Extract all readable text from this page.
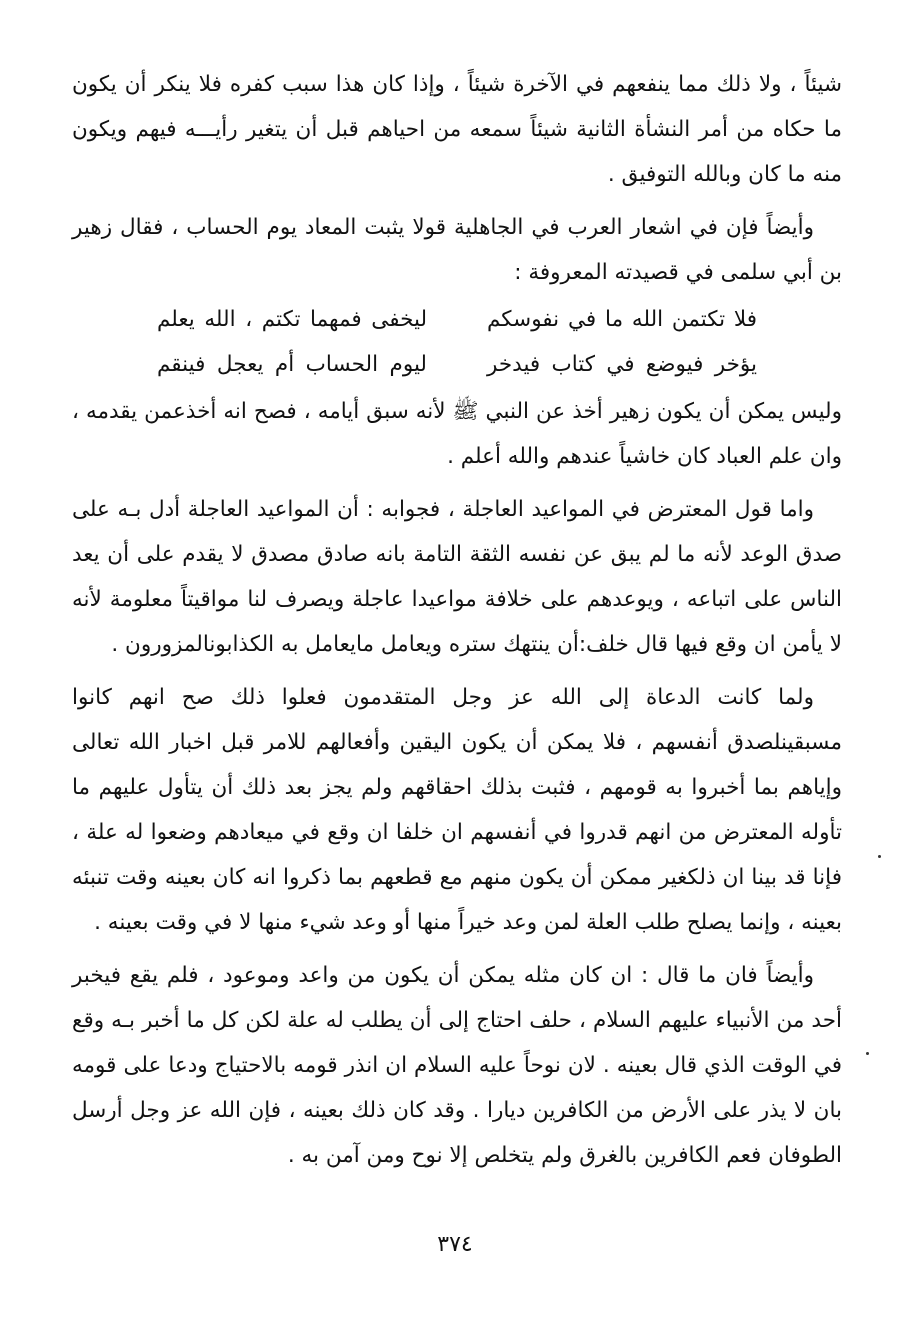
شيئاً ، ولا ذلك مما ينفعهم في الآخرة شيئاً ، وإذا كان هذا سبب كفره فلا ينكر أن يكون ما حكاه من أمر النشأة الثانية شيئاً سمعه من احياهم قبل أن يتغير رأيـــه فيهم ويكون منه ما كان وبالله التوفيق .

وأيضاً فإن في اشعار العرب في الجاهلية قولا يثبت المعاد يوم الحساب ، فقال زهير بن أبي سلمى في قصيدته المعروفة :

فلا تكتمن الله ما في نفوسكم
ليخفى فمهما تكتم ، الله يعلم
يؤخر فيوضع في كتاب فيدخر
ليوم الحساب أم يعجل فينقم

وليس يمكن أن يكون زهير أخذ عن النبي ﷺ لأنه سبق أيامه ، فصح انه أخذعمن يقدمه ، وان علم العباد كان خاشياً عندهم والله أعلم .

واما قول المعترض في المواعيد العاجلة ، فجوابه : أن المواعيد العاجلة أدل بـه على صدق الوعد لأنه ما لم يبق عن نفسه الثقة التامة بانه صادق مصدق لا يقدم على أن يعد الناس على اتباعه ، ويوعدهم على خلافة مواعيدا عاجلة ويصرف لنا مواقيتاً معلومة لأنه لا يأمن ان وقع فيها قال خلف:أن ينتهك ستره ويعامل مايعامل به الكذابونالمزورون .

ولما كانت الدعاة إلى الله عز وجل المتقدمون فعلوا ذلك صح انهم كانوا مسبقينلصدق أنفسهم ، فلا يمكن أن يكون اليقين وأفعالهم للامر قبل اخبار الله تعالى وإياهم بما أخبروا به قومهم ، فثبت بذلك احقاقهم ولم يجز بعد ذلك أن يتأول عليهم ما تأوله المعترض من انهم قدروا في أنفسهم ان خلفا ان وقع في ميعادهم وضعوا له علة ، فإنا قد بينا ان ذلكغير ممكن أن يكون منهم مع قطعهم بما ذكروا انه كان بعينه وقت تنبئه بعينه ، وإنما يصلح طلب العلة لمن وعد خيراً منها أو وعد شيء منها لا في وقت بعينه .

وأيضاً فان ما قال : ان كان مثله يمكن أن يكون من واعد وموعود ، فلم يقع فيخبر أحد من الأنبياء عليهم السلام ، حلف احتاج إلى أن يطلب له علة لكن كل ما أخبر بـه وقع في الوقت الذي قال بعينه . لان نوحاً عليه السلام ان انذر قومه بالاحتياج ودعا على قومه بان لا يذر على الأرض من الكافرين ديارا . وقد كان ذلك بعينه ، فإن الله عز وجل أرسل الطوفان فعم الكافرين بالغرق ولم يتخلص إلا نوح ومن آمن به .

٣٧٤
